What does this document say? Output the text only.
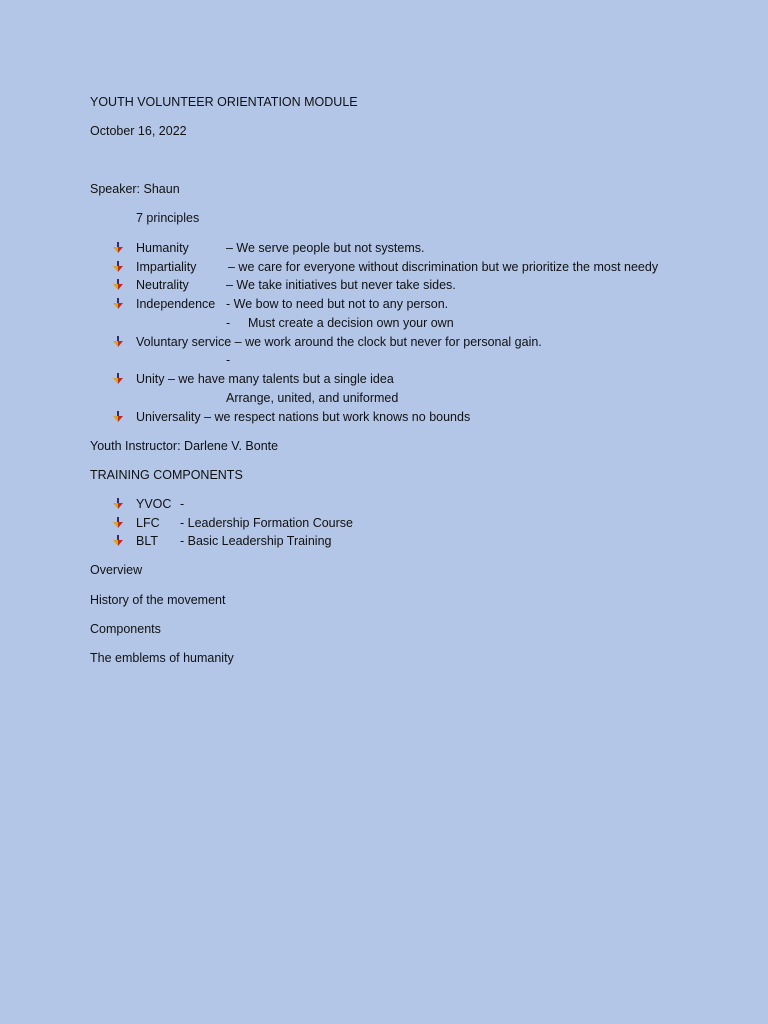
YOUTH VOLUNTEER ORIENTATION MODULE
October 16, 2022
Speaker: Shaun
7 principles
Humanity	– We serve people but not systems.
Impartiality	– we care for everyone without discrimination but we prioritize the most needy
Neutrality	– We take initiatives but never take sides.
Independence - We bow to need but not to any person.
- Must create a decision own your own
Voluntary service – we work around the clock but never for personal gain.
-
Unity – we have many talents but a single idea
Arrange, united, and uniformed
Universality – we respect nations but work knows no bounds
Youth Instructor: Darlene V. Bonte
TRAINING COMPONENTS
YVOC -
LFC - Leadership Formation Course
BLT - Basic Leadership Training
Overview
History of the movement
Components
The emblems of humanity
